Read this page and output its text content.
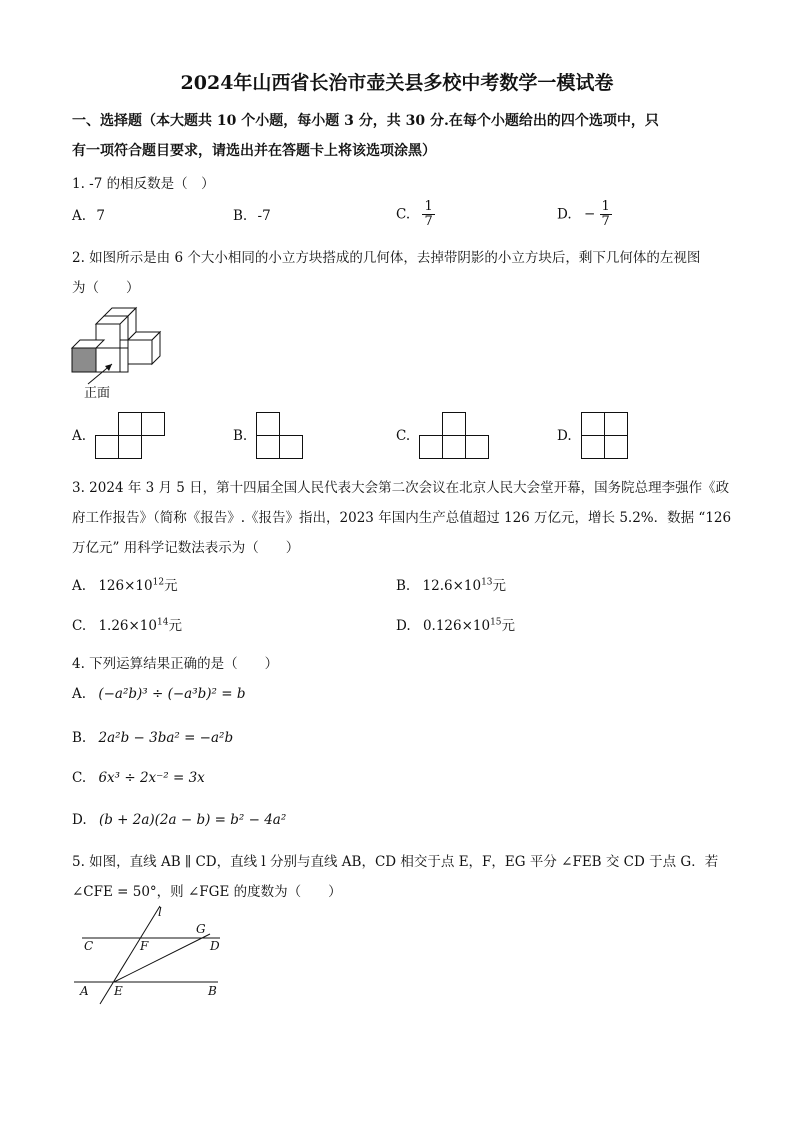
2024年山西省长治市壶关县多校中考数学一模试卷
一、选择题（本大题共 10 个小题，每小题 3 分，共 30 分.在每个小题给出的四个选项中，只
有一项符合题目要求，请选出并在答题卡上将该选项涂黑）
1. -7 的相反数是（　）
A. 7	B. -7	C. $\frac{1}{7}$	D. − $\frac{1}{7}$
2. 如图所示是由 6 个大小相同的小立方块搭成的几何体，去掉带阴影的小立方块后，剩下几何体的左视图
为（　　）
正面
A.	B.	C.	D.
3. 2024 年 3 月 5 日，第十四届全国人民代表大会第二次会议在北京人民大会堂开幕，国务院总理李强作《政
府工作报告》（简称《报告》.《报告》指出，2023 年国内生产总值超过 126 万亿元，增长 5.2%．数据 “126
万亿元” 用科学记数法表示为（　　）
A. $126\times 10^{12}$元	B. $12.6\times 10^{13}$元
C. $1.26\times 10^{14}$元	D. $0.126\times 10^{15}$元
4. 下列运算结果正确的是（　　）
A. (−a²b)³ ÷ (−a³b)² = b
B. 2a²b − 3ba² = −a²b
C. 6x³ ÷ 2x⁻² = 3x
D. (b + 2a)(2a − b) = b² − 4a²
5. 如图，直线 AB ∥ CD，直线 l 分别与直线 AB，CD 相交于点 E，F，EG 平分 ∠FEB 交 CD 于点 G．若
∠CFE = 50°，则 ∠FGE 的度数为（　　）
l
C	F
G
D
A E	B
